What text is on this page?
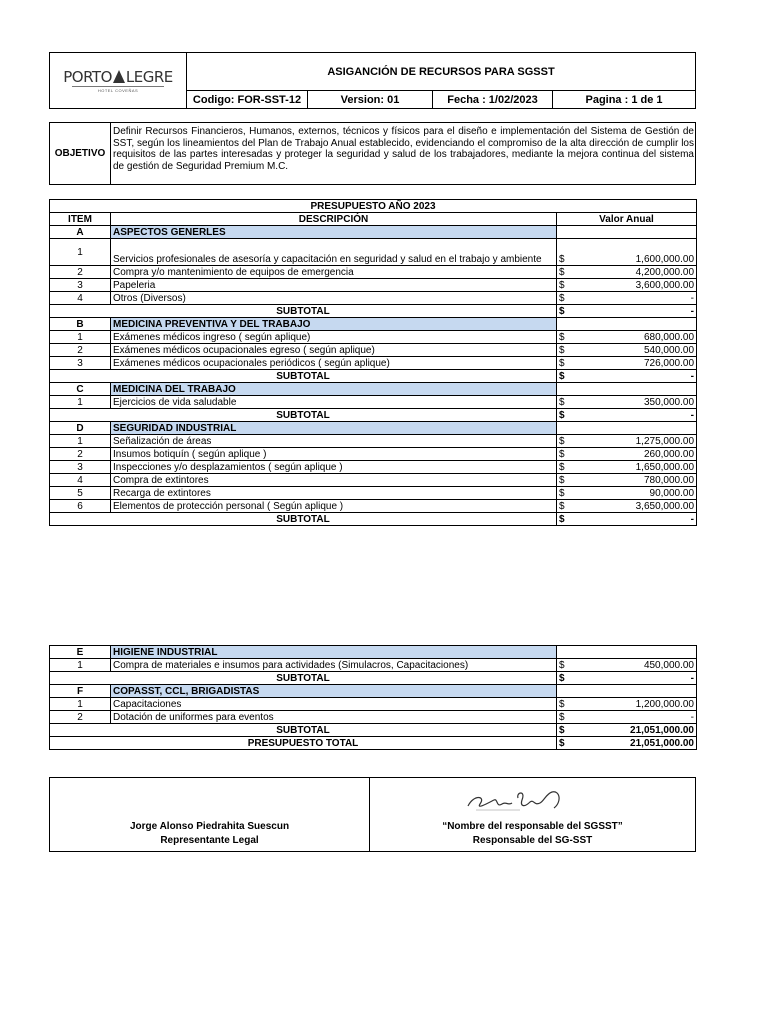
PORTO LEGRE
HOTEL COVEÑAS
ASIGANCIÓN DE RECURSOS PARA SGSST
Codigo: FOR-SST-12	Version: 01	Fecha : 1/02/2023	Pagina : 1 de 1
OBJETIVO
Definir Recursos Financieros, Humanos, externos, técnicos y físicos para el diseño e implementación del Sistema de Gestión de SST, según los lineamientos del Plan de Trabajo Anual establecido, evidenciando el compromiso de la alta dirección de cumplir los requisitos de las partes interesadas y proteger la seguridad y salud de los trabajadores, mediante la mejora continua del sistema de gestión de Seguridad Premium M.C.
PRESUPUESTO AÑO 2023		
ITEM	DESCRIPCIÓN	Valor Anual
A	ASPECTOS GENERLES	
1	Servicios profesionales de asesoría y capacitación en seguridad y salud en el trabajo y ambiente	$ 1,600,000.00

2	Compra y/o mantenimiento de equipos de emergencia	$ 4,200,000.00

3	Papeleria	$ 3,600,000.00

4	Otros (Diversos)	$ -

SUBTOTAL		$ -

B	MEDICINA PREVENTIVA Y DEL TRABAJO	
1	Exámenes médicos ingreso ( según aplique)	$ 680,000.00

2	Exámenes médicos ocupacionales egreso ( según aplique)	$ 540,000.00

3	Exámenes médicos ocupacionales periódicos ( según aplique)	$ 726,000.00

SUBTOTAL		$ -

C	MEDICINA DEL TRABAJO	
1	Ejercicios de vida saludable	$ 350,000.00

SUBTOTAL		$ -

D	SEGURIDAD INDUSTRIAL	
1	Señalización de áreas	$ 1,275,000.00

2	Insumos botiquín ( según aplique )	$ 260,000.00

3	Inspecciones y/o desplazamientos ( según aplique )	$ 1,650,000.00

4	Compra de extintores	$ 780,000.00

5	Recarga de extintores	$ 90,000.00

6	Elementos de protección personal ( Según aplique )	$ 3,650,000.00

SUBTOTAL		$ -
E	HIGIENE INDUSTRIAL	
1	Compra de materiales e insumos para actividades (Simulacros, Capacitaciones)	$ 450,000.00

SUBTOTAL		$ -

F	COPASST, CCL, BRIGADISTAS	
1	Capacitaciones	$ 1,200,000.00

2	Dotación de uniformes para eventos	$ -

SUBTOTAL		$ 21,051,000.00

PRESUPUESTO TOTAL		$ 21,051,000.00
Jorge Alonso Piedrahita Suescun
Representante Legal
“Nombre del responsable del SGSST”
Responsable del SG-SST
